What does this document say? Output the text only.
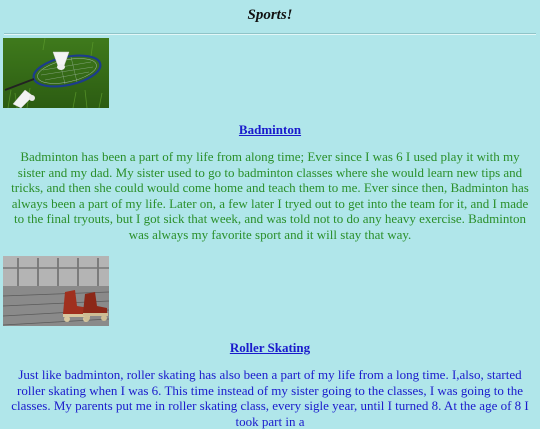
Sports!
Badminton
Badminton has been a part of my life from along time; Ever since I was 6 I used play it with my sister and my dad. My sister used to go to badminton classes where she would learn new tips and tricks, and then she could would come home and teach them to me. Ever since then, Badminton has always been a part of my life. Later on, a few later I tryed out to get into the team for it, and I made to the final tryouts, but I got sick that week, and was told not to do any heavy exercise. Badminton was always my favorite sport and it will stay that way.
Roller Skating
Just like badminton, roller skating has also been a part of my life from a long time. I,also, started roller skating when I was 6. This time instead of my sister going to the classes, I was going to the classes. My parents put me in roller skating class, every sigle year, until I turned 8. At the age of 8 I took part in a
